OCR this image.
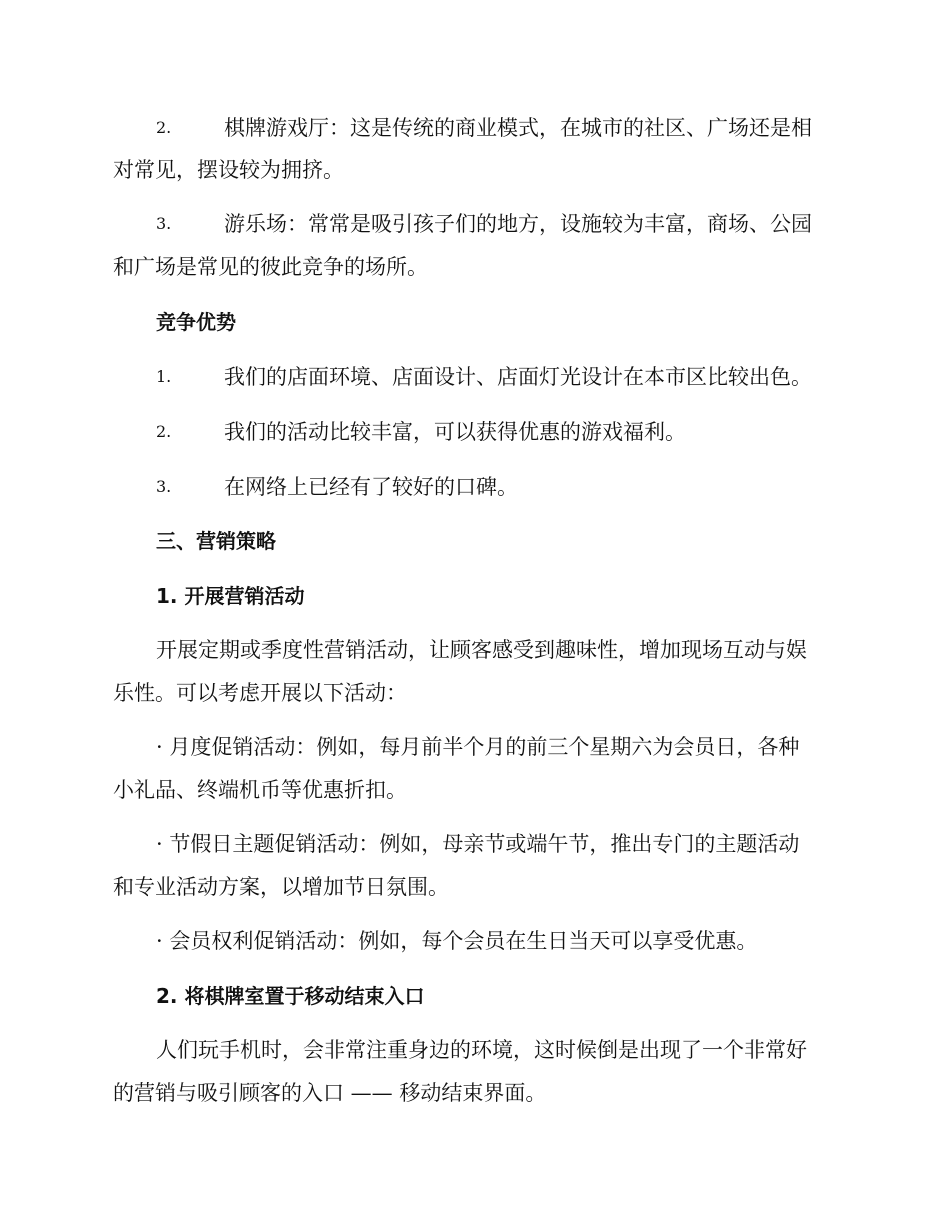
2.	棋牌游戏厅：这是传统的商业模式，在城市的社区、广场还是相
对常见，摆设较为拥挤。
3.	游乐场：常常是吸引孩子们的地方，设施较为丰富，商场、公园
和广场是常见的彼此竞争的场所。
竞争优势
1.	我们的店面环境、店面设计、店面灯光设计在本市区比较出色。
2.	我们的活动比较丰富，可以获得优惠的游戏福利。
3.	在网络上已经有了较好的口碑。
三、营销策略
1. 开展营销活动
开展定期或季度性营销活动，让顾客感受到趣味性，增加现场互动与娱
乐性。可以考虑开展以下活动：
· 月度促销活动：例如，每月前半个月的前三个星期六为会员日，各种
小礼品、终端机币等优惠折扣。
· 节假日主题促销活动：例如，母亲节或端午节，推出专门的主题活动
和专业活动方案，以增加节日氛围。
· 会员权利促销活动：例如，每个会员在生日当天可以享受优惠。
2. 将棋牌室置于移动结束入口
人们玩手机时，会非常注重身边的环境，这时候倒是出现了一个非常好
的营销与吸引顾客的入口 —— 移动结束界面。
